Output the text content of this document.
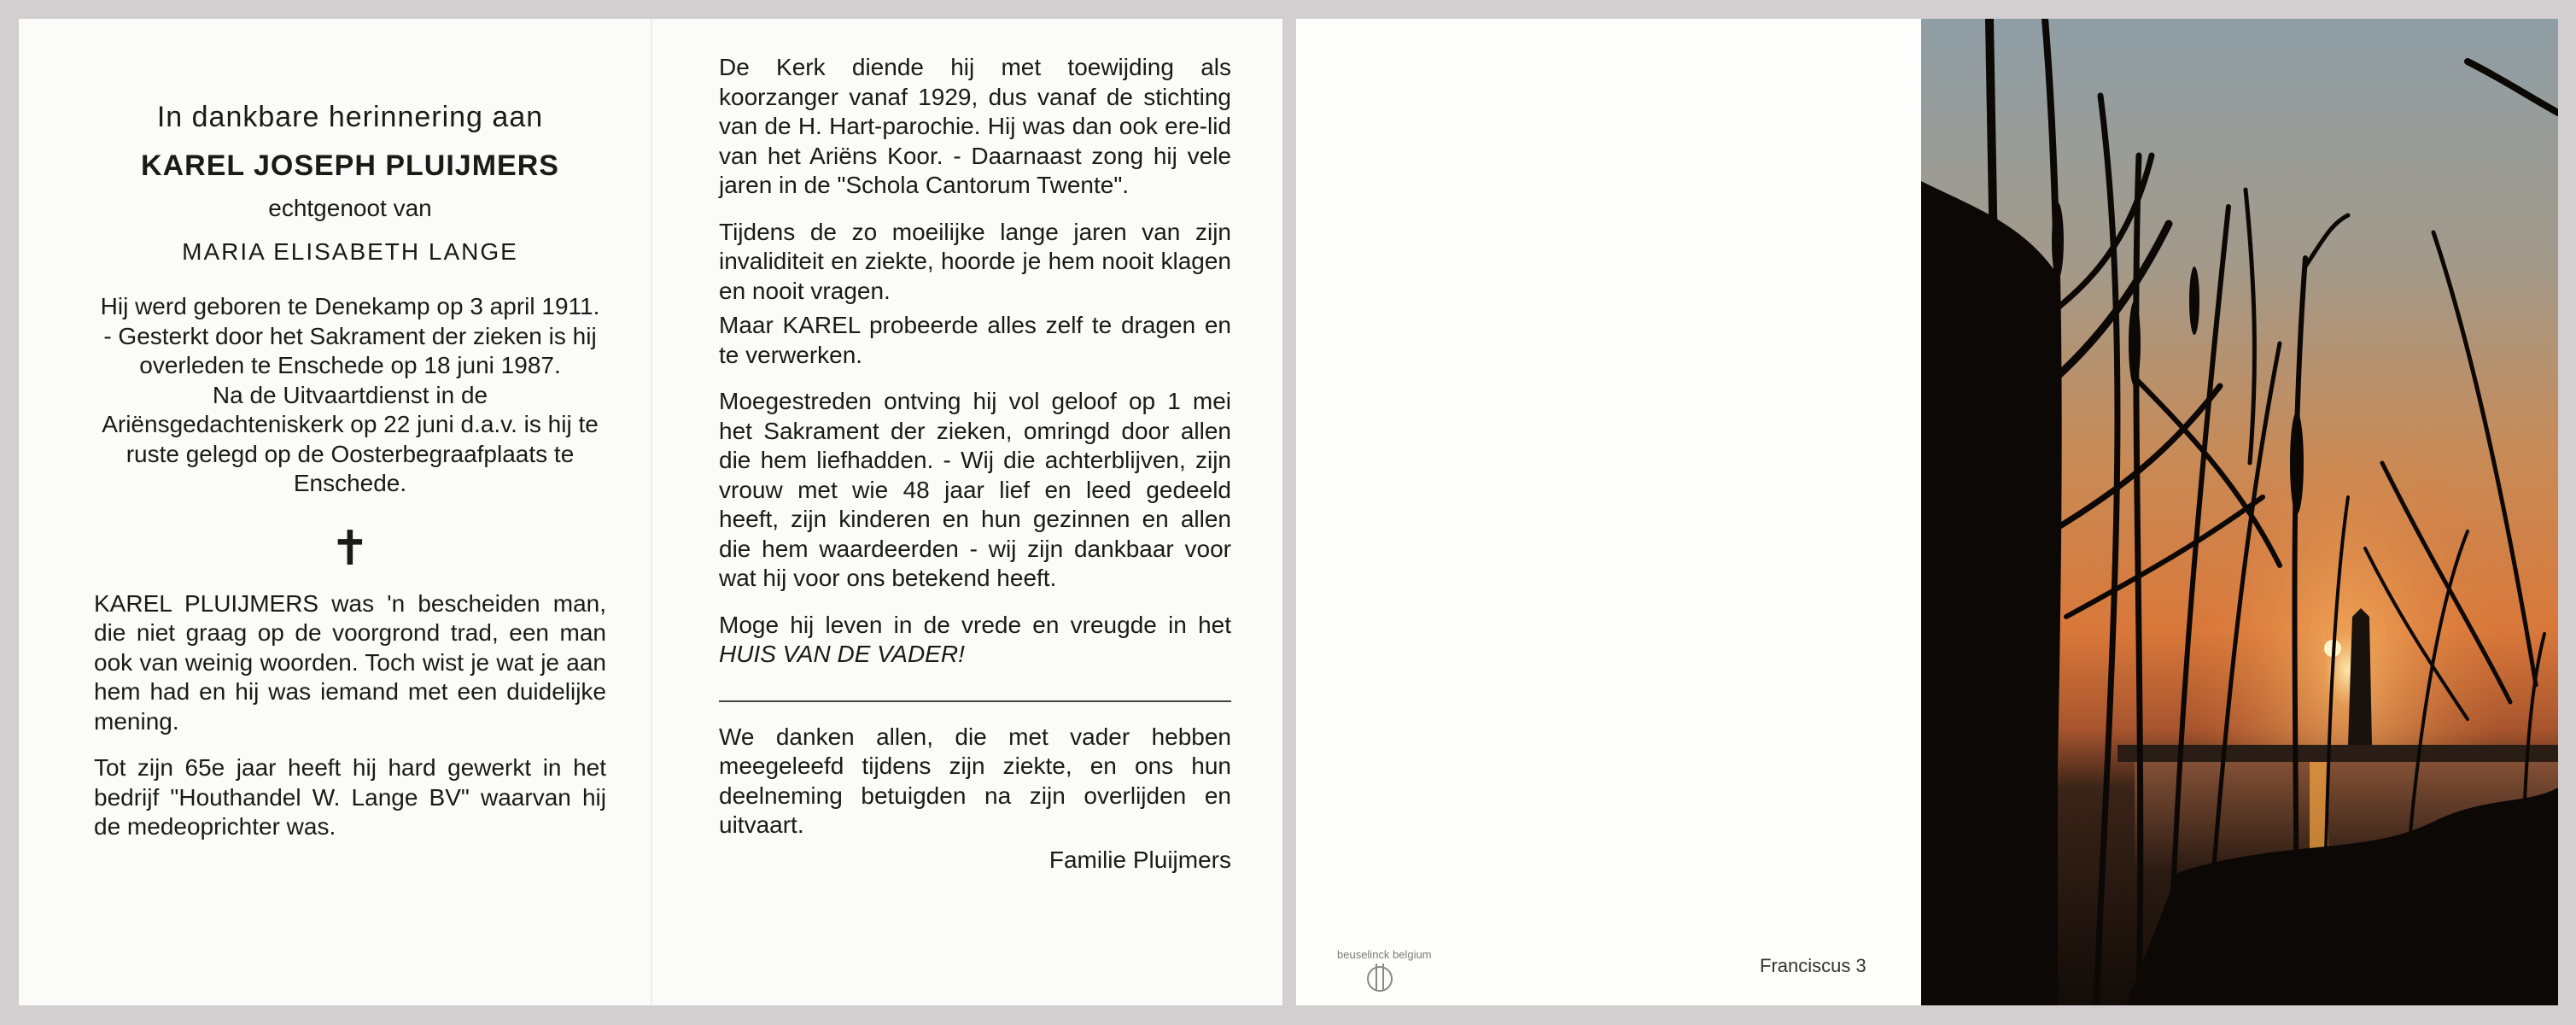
In dankbare herinnering aan

KAREL JOSEPH PLUIJMERS

echtgenoot van

MARIA ELISABETH LANGE

Hij werd geboren te Denekamp op 3 april 1911. - Gesterkt door het Sakrament der zieken is hij overleden te Enschede op 18 juni 1987.

Na de Uitvaartdienst in de Ariënsgedachteniskerk op 22 juni d.a.v. is hij te ruste gelegd op de Oosterbegraafplaats te Enschede.

✝

KAREL PLUIJMERS was 'n bescheiden man, die niet graag op de voorgrond trad, een man ook van weinig woorden. Toch wist je wat je aan hem had en hij was iemand met een duidelijke mening.

Tot zijn 65e jaar heeft hij hard gewerkt in het bedrijf "Houthandel W. Lange BV" waarvan hij de medeoprichter was.

De Kerk diende hij met toewijding als koorzanger vanaf 1929, dus vanaf de stichting van de H. Hart-parochie. Hij was dan ook ere-lid van het Ariëns Koor. - Daarnaast zong hij vele jaren in de "Schola Cantorum Twente".

Tijdens de zo moeilijke lange jaren van zijn invaliditeit en ziekte, hoorde je hem nooit klagen en nooit vragen.

Maar KAREL probeerde alles zelf te dragen en te verwerken.

Moegestreden ontving hij vol geloof op 1 mei het Sakrament der zieken, omringd door allen die hem liefhadden. - Wij die achterblijven, zijn vrouw met wie 48 jaar lief en leed gedeeld heeft, zijn kinderen en hun gezinnen en allen die hem waardeerden - wij zijn dankbaar voor wat hij voor ons betekend heeft.

Moge hij leven in de vrede en vreugde in het HUIS VAN DE VADER!

We danken allen, die met vader hebben meegeleefd tijdens zijn ziekte, en ons hun deelneming betuigden na zijn overlijden en uitvaart.

Familie Pluijmers

beuselinck belgium
Franciscus 3
